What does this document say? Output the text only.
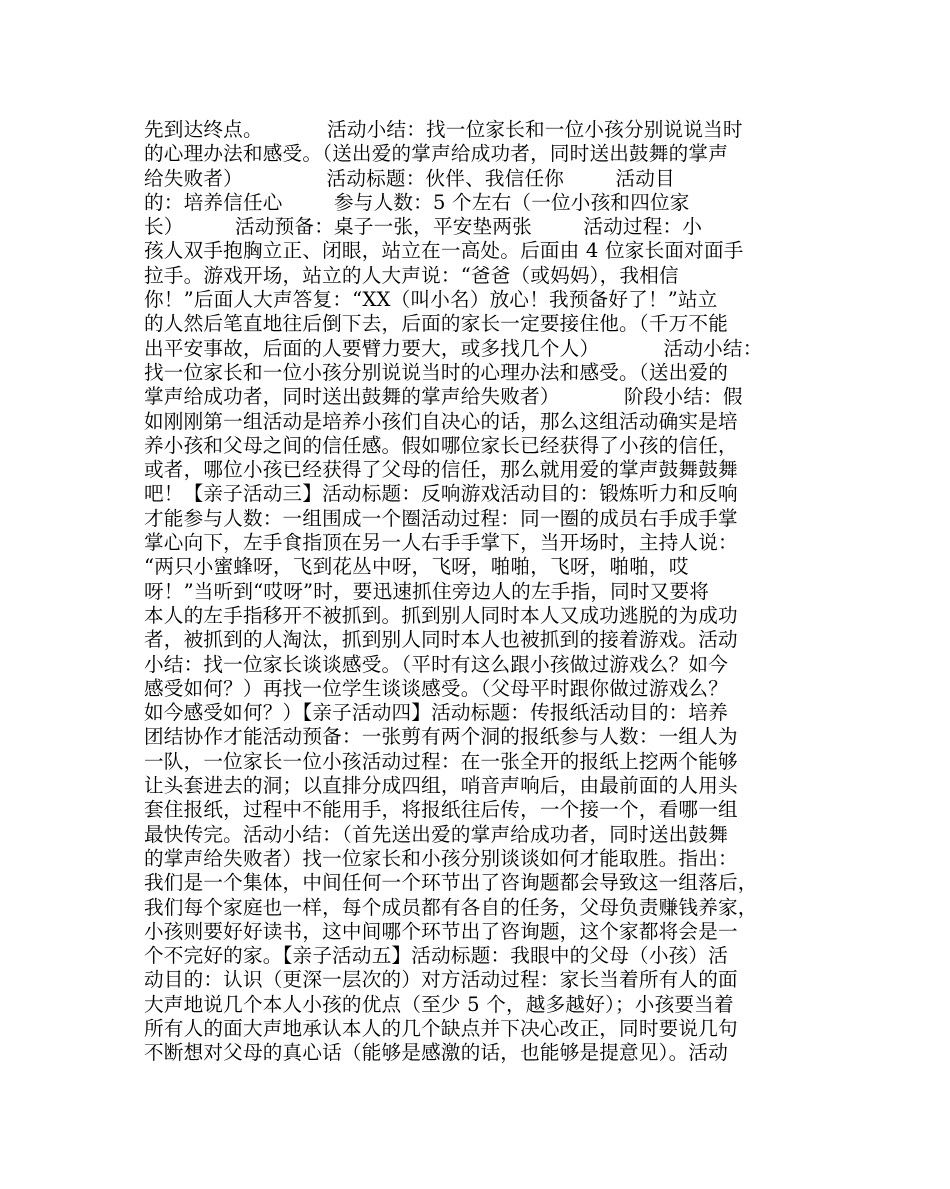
先到达终点。          活动小结：找一位家长和一位小孩分别说说当时
的心理办法和感受。（送出爱的掌声给成功者，同时送出鼓舞的掌声
给失败者）             活动标题：伙伴、我信任你        活动目
的：培养信任心        参与人数：5 个左右（一位小孩和四位家
长）        活动预备：桌子一张，平安垫两张        活动过程：小
孩人双手抱胸立正、闭眼，站立在一高处。后面由 4 位家长面对面手
拉手。游戏开场，站立的人大声说：“爸爸（或妈妈），我相信
你！”后面人大声答复：“XX（叫小名）放心！我预备好了！”站立
的人然后笔直地往后倒下去，后面的家长一定要接住他。（千万不能
出平安事故，后面的人要臂力要大，或多找几个人）          活动小结：
找一位家长和一位小孩分别说说当时的心理办法和感受。（送出爱的
掌声给成功者，同时送出鼓舞的掌声给失败者）          阶段小结：假
如刚刚第一组活动是培养小孩们自决心的话，那么这组活动确实是培
养小孩和父母之间的信任感。假如哪位家长已经获得了小孩的信任，
或者，哪位小孩已经获得了父母的信任，那么就用爱的掌声鼓舞鼓舞
吧！【亲子活动三】活动标题：反响游戏活动目的：锻炼听力和反响
才能参与人数：一组围成一个圈活动过程：同一圈的成员右手成手掌
掌心向下，左手食指顶在另一人右手手掌下，当开场时，主持人说：
“两只小蜜蜂呀，飞到花丛中呀，飞呀，啪啪，飞呀，啪啪，哎
呀！”当听到“哎呀”时，要迅速抓住旁边人的左手指，同时又要将
本人的左手指移开不被抓到。抓到别人同时本人又成功逃脱的为成功
者，被抓到的人淘汰，抓到别人同时本人也被抓到的接着游戏。活动
小结：找一位家长谈谈感受。（平时有这么跟小孩做过游戏么？如今
感受如何？）再找一位学生谈谈感受。（父母平时跟你做过游戏么？
如今感受如何？）【亲子活动四】活动标题：传报纸活动目的：培养
团结协作才能活动预备：一张剪有两个洞的报纸参与人数：一组人为
一队，一位家长一位小孩活动过程：在一张全开的报纸上挖两个能够
让头套进去的洞；以直排分成四组，哨音声响后，由最前面的人用头
套住报纸，过程中不能用手，将报纸往后传，一个接一个，看哪一组
最快传完。活动小结：（首先送出爱的掌声给成功者，同时送出鼓舞
的掌声给失败者）找一位家长和小孩分别谈谈如何才能取胜。指出：
我们是一个集体，中间任何一个环节出了咨询题都会导致这一组落后，
我们每个家庭也一样，每个成员都有各自的任务，父母负责赚钱养家，
小孩则要好好读书，这中间哪个环节出了咨询题，这个家都将会是一
个不完好的家。【亲子活动五】活动标题：我眼中的父母（小孩）活
动目的：认识（更深一层次的）对方活动过程：家长当着所有人的面
大声地说几个本人小孩的优点（至少 5 个，越多越好）；小孩要当着
所有人的面大声地承认本人的几个缺点并下决心改正，同时要说几句
不断想对父母的真心话（能够是感激的话，也能够是提意见）。活动
